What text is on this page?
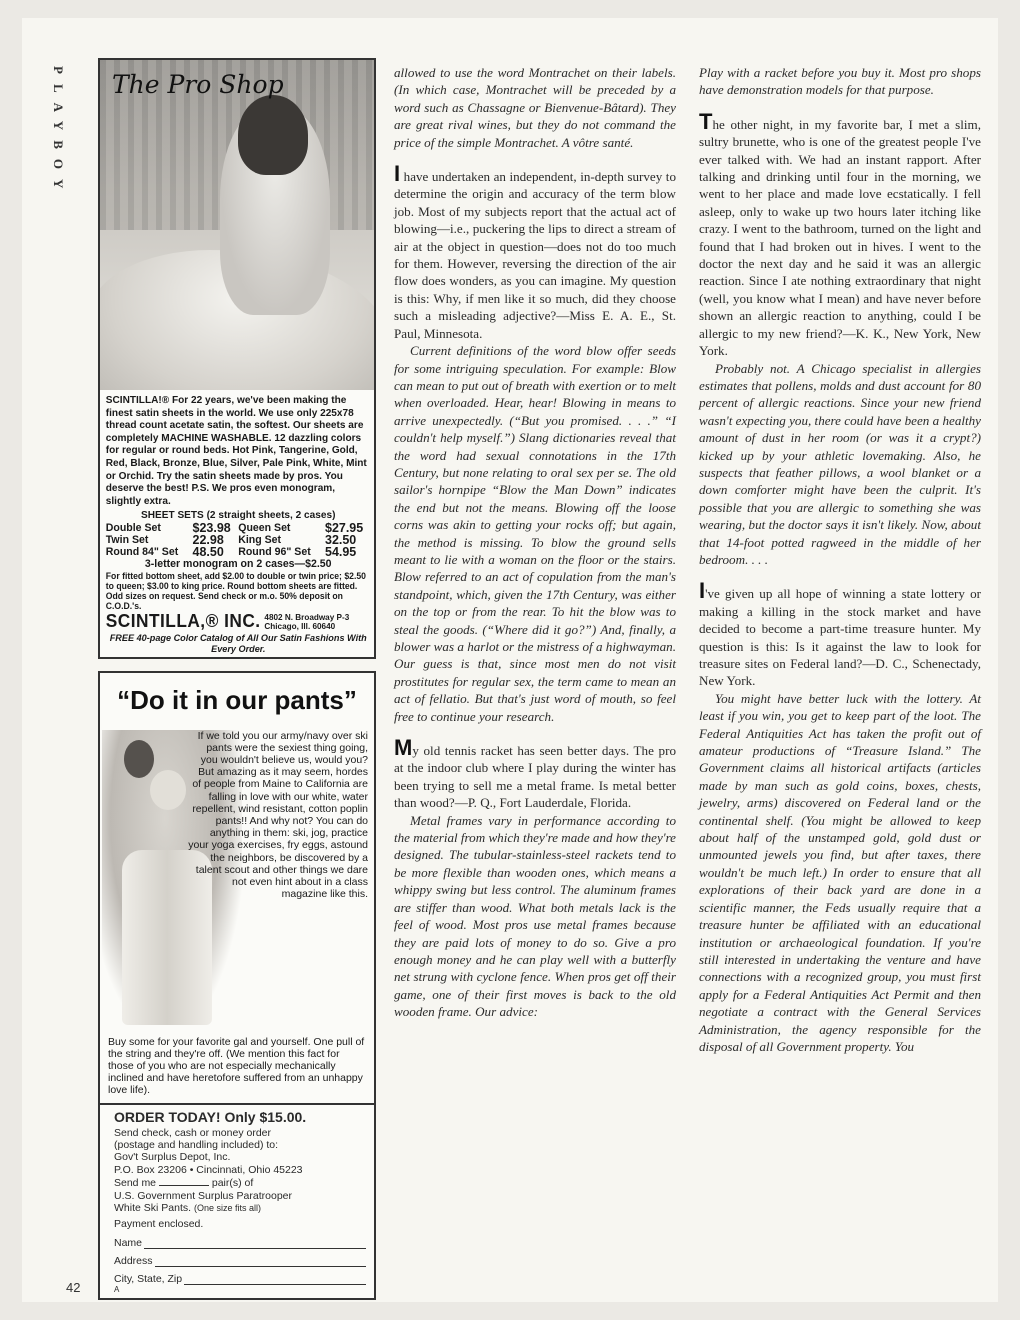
PLAYBOY
42
The Pro Shop
SCINTILLA!® For 22 years, we've been making the finest satin sheets in the world. We use only 225x78 thread count acetate satin, the softest. Our sheets are completely MACHINE WASHABLE. 12 dazzling colors for regular or round beds. Hot Pink, Tangerine, Gold, Red, Black, Bronze, Blue, Silver, Pale Pink, White, Mint or Orchid. Try the satin sheets made by pros. You deserve the best! P.S. We pros even monogram, slightly extra.
SHEET SETS (2 straight sheets, 2 cases)
Double Set	$23.98	Queen Set	$27.95
Twin Set	22.98	King Set	32.50
Round 84" Set	48.50	Round 96" Set	54.95
3-letter monogram on 2 cases—$2.50
For fitted bottom sheet, add $2.00 to double or twin price; $2.50 to queen; $3.00 to king price. Round bottom sheets are fitted. Odd sizes on request. Send check or m.o. 50% deposit on C.O.D.'s.
SCINTILLA,® INC. 4802 N. Broadway P-3
Chicago, Ill. 60640
FREE 40-page Color Catalog of All Our Satin Fashions With Every Order.
“Do it in our pants”
If we told you our army/navy over ski pants were the sexiest thing going, you wouldn't believe us, would you? But amazing as it may seem, hordes of people from Maine to California are falling in love with our white, water repellent, wind resistant, cotton poplin pants!! And why not? You can do anything in them: ski, jog, practice your yoga exercises, fry eggs, astound the neighbors, be discovered by a talent scout and other things we dare not even hint about in a class magazine like this.
Buy some for your favorite gal and yourself. One pull of the string and they're off. (We mention this fact for those of you who are not especially mechanically inclined and have heretofore suffered from an unhappy love life).
ORDER TODAY! Only $15.00.
Send check, cash or money order
(postage and handling included) to:
Gov't Surplus Depot, Inc.
P.O. Box 23206 • Cincinnati, Ohio 45223
Send me	pair(s) of
U.S. Government Surplus Paratrooper
White Ski Pants. (One size fits all)
Payment enclosed.
Name
Address
City, State, Zip
A

allowed to use the word Montrachet on their labels. (In which case, Montrachet will be preceded by a word such as Chassagne or Bienvenue-Bâtard). They are great rival wines, but they do not command the price of the simple Montrachet. A vôtre santé.

I have undertaken an independent, in-depth survey to determine the origin and accuracy of the term blow job. Most of my subjects report that the actual act of blowing—i.e., puckering the lips to direct a stream of air at the object in question—does not do too much for them. However, reversing the direction of the air flow does wonders, as you can imagine. My question is this: Why, if men like it so much, did they choose such a misleading adjective?—Miss E. A. E., St. Paul, Minnesota.

Current definitions of the word blow offer seeds for some intriguing speculation. For example: Blow can mean to put out of breath with exertion or to melt when overloaded. Hear, hear! Blowing in means to arrive unexpectedly. (“But you promised. . . .” “I couldn't help myself.”) Slang dictionaries reveal that the word had sexual connotations in the 17th Century, but none relating to oral sex per se. The old sailor's hornpipe “Blow the Man Down” indicates the end but not the means. Blowing off the loose corns was akin to getting your rocks off; but again, the method is missing. To blow the ground sells meant to lie with a woman on the floor or the stairs. Blow referred to an act of copulation from the man's standpoint, which, given the 17th Century, was either on the top or from the rear. To hit the blow was to steal the goods. (“Where did it go?”) And, finally, a blower was a harlot or the mistress of a highwayman. Our guess is that, since most men do not visit prostitutes for regular sex, the term came to mean an act of fellatio. But that's just word of mouth, so feel free to continue your research.

My old tennis racket has seen better days. The pro at the indoor club where I play during the winter has been trying to sell me a metal frame. Is metal better than wood?—P. Q., Fort Lauderdale, Florida.

Metal frames vary in performance according to the material from which they're made and how they're designed. The tubular-stainless-steel rackets tend to be more flexible than wooden ones, which means a whippy swing but less control. The aluminum frames are stiffer than wood. What both metals lack is the feel of wood. Most pros use metal frames because they are paid lots of money to do so. Give a pro enough money and he can play well with a butterfly net strung with cyclone fence. When pros get off their game, one of their first moves is back to the old wooden frame. Our advice:

Play with a racket before you buy it. Most pro shops have demonstration models for that purpose.

The other night, in my favorite bar, I met a slim, sultry brunette, who is one of the greatest people I've ever talked with. We had an instant rapport. After talking and drinking until four in the morning, we went to her place and made love ecstatically. I fell asleep, only to wake up two hours later itching like crazy. I went to the bathroom, turned on the light and found that I had broken out in hives. I went to the doctor the next day and he said it was an allergic reaction. Since I ate nothing extraordinary that night (well, you know what I mean) and have never before shown an allergic reaction to anything, could I be allergic to my new friend?—K. K., New York, New York.

Probably not. A Chicago specialist in allergies estimates that pollens, molds and dust account for 80 percent of allergic reactions. Since your new friend wasn't expecting you, there could have been a healthy amount of dust in her room (or was it a crypt?) kicked up by your athletic lovemaking. Also, he suspects that feather pillows, a wool blanket or a down comforter might have been the culprit. It's possible that you are allergic to something she was wearing, but the doctor says it isn't likely. Now, about that 14-foot potted ragweed in the middle of her bedroom. . . .

I've given up all hope of winning a state lottery or making a killing in the stock market and have decided to become a part-time treasure hunter. My question is this: Is it against the law to look for treasure sites on Federal land?—D. C., Schenectady, New York.

You might have better luck with the lottery. At least if you win, you get to keep part of the loot. The Federal Antiquities Act has taken the profit out of amateur productions of “Treasure Island.” The Government claims all historical artifacts (articles made by man such as gold coins, boxes, chests, jewelry, arms) discovered on Federal land or the continental shelf. (You might be allowed to keep about half of the unstamped gold, gold dust or unmounted jewels you find, but after taxes, there wouldn't be much left.) In order to ensure that all explorations of their back yard are done in a scientific manner, the Feds usually require that a treasure hunter be affiliated with an educational institution or archaeological foundation. If you're still interested in undertaking the venture and have connections with a recognized group, you must first apply for a Federal Antiquities Act Permit and then negotiate a contract with the General Services Administration, the agency responsible for the disposal of all Government property. You
